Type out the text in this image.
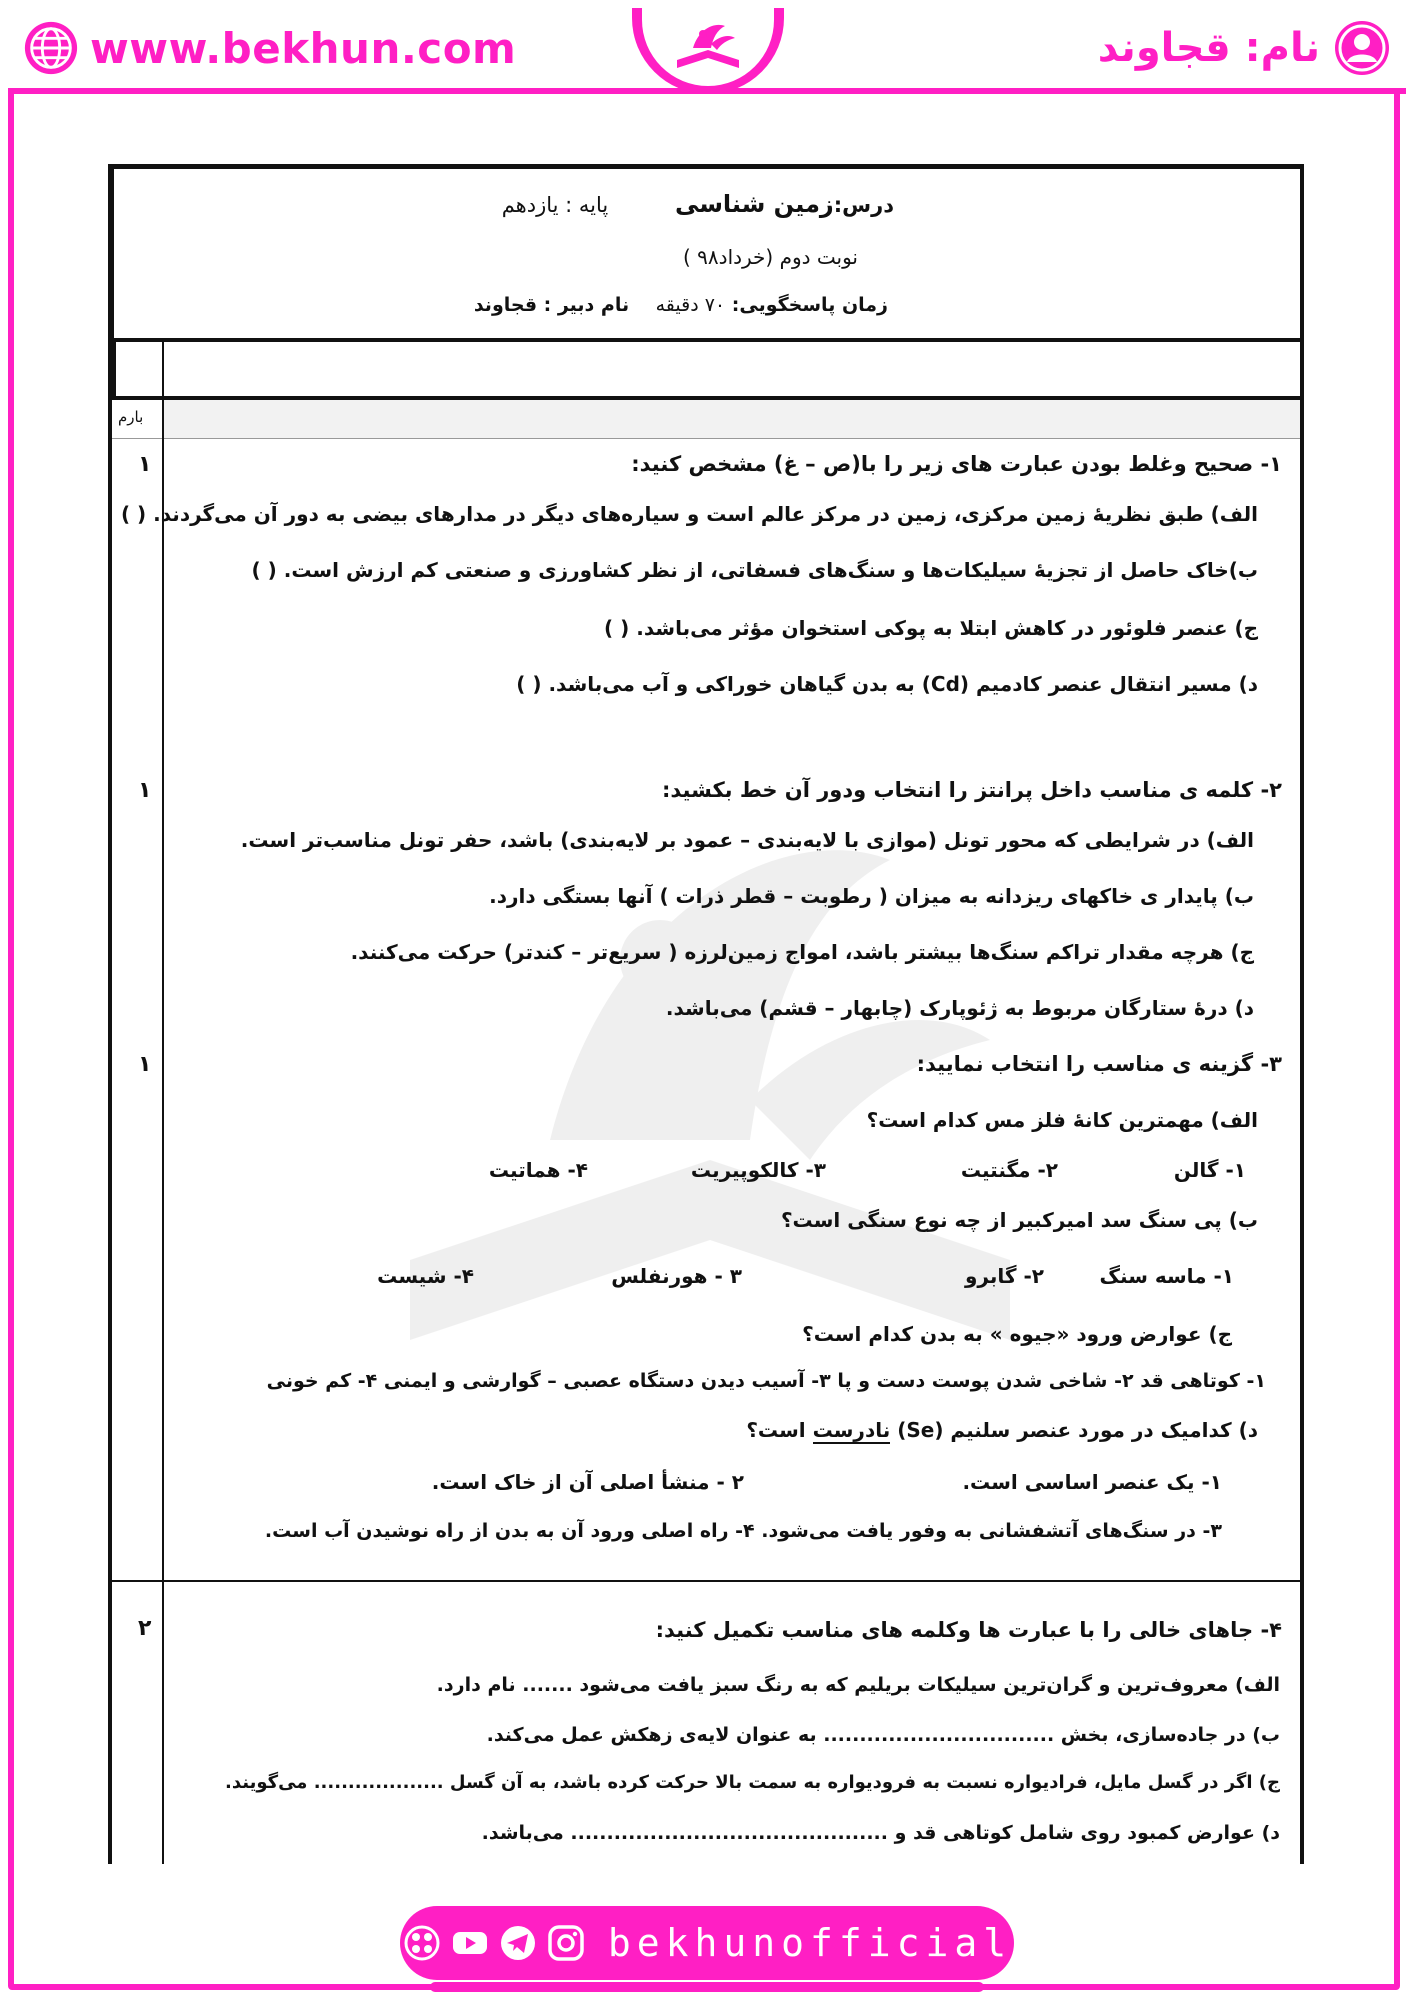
www.bekhun.com	نام: قجاوند
درس:زمین شناسی          پایه : یازدهم
نوبت دوم (خرداد۹۸ )
زمان پاسخگویی: ۷۰ دقیقه    نام دبیر : قجاوند
بارم
۱	۱- صحیح وغلط بودن عبارت های زیر را با(ص – غ) مشخص کنید:
الف) طبق نظریهٔ زمین مرکزی، زمین در مرکز عالم است و سیاره‌های دیگر در مدارهای بیضی به دور آن می‌گردند. ( )
ب)خاک حاصل از تجزیهٔ سیلیکات‌ها و سنگ‌های فسفاتی، از نظر کشاورزی و صنعتی کم ارزش است. ( )
ج) عنصر فلوئور در کاهش ابتلا به پوکی استخوان مؤثر می‌باشد. ( )
د) مسیر انتقال عنصر کادمیم (Cd) به بدن گیاهان خوراکی و آب می‌باشد. ( )
۱	۲- کلمه ی مناسب داخل پرانتز را انتخاب ودور آن خط بکشید:
الف) در شرایطی که محور تونل (موازی با لایه‌بندی – عمود بر لایه‌بندی) باشد، حفر تونل مناسب‌تر است.
ب) پایدار ی خاکهای ریزدانه به میزان ( رطوبت – قطر ذرات ) آنها بستگی دارد.
ج) هرچه مقدار تراکم سنگ‌ها بیشتر باشد، امواج زمین‌لرزه ( سریع‌تر – کندتر) حرکت می‌کنند.
د) درهٔ ستارگان مربوط به ژئوپارک (چابهار – قشم) می‌باشد.
۱	۳- گزینه ی مناسب را انتخاب نمایید:
الف) مهمترین کانهٔ فلز مس کدام است؟
۱- گالن
۲- مگنتیت
۳- کالکوپیریت
۴- هماتیت
ب) پی سنگ سد امیرکبیر از چه نوع سنگی است؟
۱- ماسه سنگ
۲- گابرو
۳ - هورنفلس
۴- شیست
ج) عوارض ورود «جیوه » به بدن کدام است؟
۱- کوتاهی قد ۲- شاخی شدن پوست دست و پا ۳- آسیب دیدن دستگاه عصبی – گوارشی و ایمنی ۴- کم خونی
د) کدامیک در مورد عنصر سلنیم (Se) نادرست است؟
۱- یک عنصر اساسی است.
۲ - منشأ اصلی آن از خاک است.
۳- در سنگ‌های آتشفشانی به وفور یافت می‌شود. ۴- راه اصلی ورود آن به بدن از راه نوشیدن آب است.
۲	۴- جاهای خالی را با عبارت ها وکلمه های مناسب تکمیل کنید:
الف) معروف‌ترین و گران‌ترین سیلیکات بریلیم که به رنگ سبز یافت می‌شود ....... نام دارد.
ب) در جاده‌سازی، بخش ................................ به عنوان لایه‌ی زهکش عمل می‌کند.
ج) اگر در گسل مایل، فرادیواره نسبت به فرودیواره به سمت بالا حرکت کرده باشد، به آن گسل ................... می‌گویند.
د) عوارض کمبود روی شامل کوتاهی قد و ............................................ می‌باشد.
bekhunofficial
